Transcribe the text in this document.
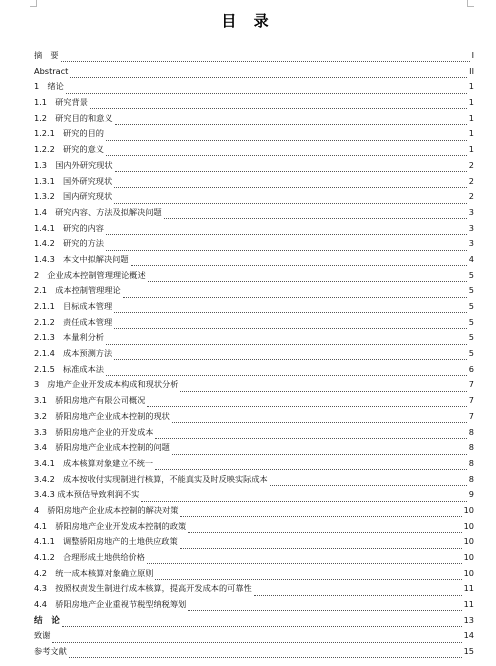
目 录
摘　要	I
Abstract	II
1　绪论	1
1.1　研究背景	1
1.2　研究目的和意义	1
1.2.1　研究的目的	1
1.2.2　研究的意义	1
1.3　国内外研究现状	2
1.3.1　国外研究现状	2
1.3.2　国内研究现状	2
1.4　研究内容、方法及拟解决问题	3
1.4.1　研究的内容	3
1.4.2　研究的方法	3
1.4.3　本文中拟解决问题	4
2　企业成本控制管理理论概述	5
2.1　成本控制管理理论	5
2.1.1　目标成本管理	5
2.1.2　责任成本管理	5
2.1.3　本量利分析	5
2.1.4　成本预测方法	5
2.1.5　标准成本法	6
3　房地产企业开发成本构成和现状分析	7
3.1　骄阳房地产有限公司概况	7
3.2　骄阳房地产企业成本控制的现状	7
3.3　骄阳房地产企业的开发成本	8
3.4　骄阳房地产企业成本控制的问题	8
3.4.1　成本核算对象建立不统一	8
3.4.2　成本按收付实现制进行核算，不能真实及时反映实际成本	8
3.4.3 成本预估导致利润不实	9
4　骄阳房地产企业成本控制的解决对策	10
4.1　骄阳房地产企业开发成本控制的政策	10
4.1.1　调整骄阳房地产的土地供应政策	10
4.1.2　合理形成土地供给价格	10
4.2　统一成本核算对象确立原则	10
4.3　按照权责发生制进行成本核算，提高开发成本的可靠性	11
4.4　骄阳房地产企业重视节税型纳税筹划	11
结　论	13
致谢	14
参考文献	15
